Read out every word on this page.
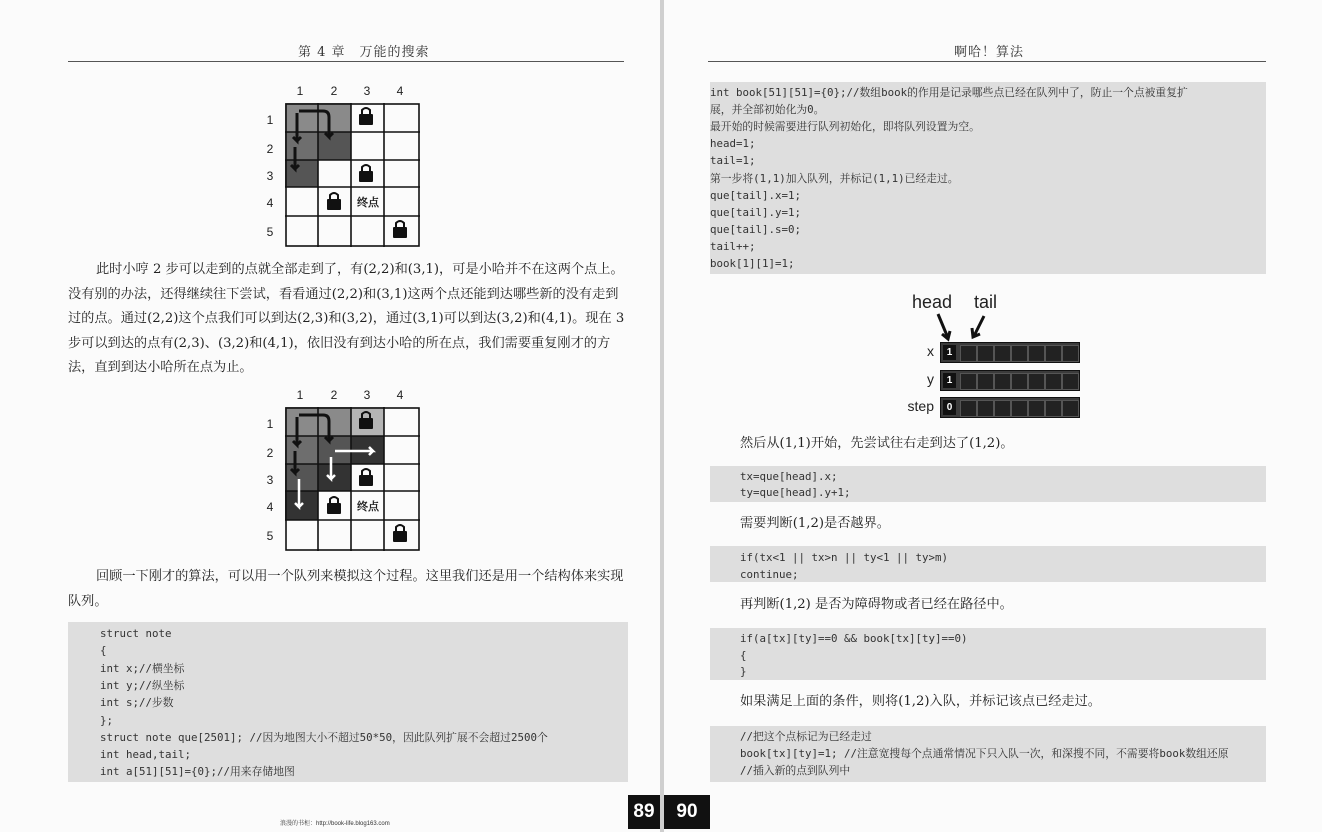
第 4 章　万能的搜索
1	2	3	4
1
2
3
4
5
终点
此时小哼 2 步可以走到的点就全部走到了，有(2,2)和(3,1)，可是小哈并不在这两个点上。没有别的办法，还得继续往下尝试，看看通过(2,2)和(3,1)这两个点还能到达哪些新的没有走到过的点。通过(2,2)这个点我们可以到达(2,3)和(3,2)，通过(3,1)可以到达(3,2)和(4,1)。现在 3 步可以到达的点有(2,3)、(3,2)和(4,1)，依旧没有到达小哈的所在点，我们需要重复刚才的方法，直到到达小哈所在点为止。
1	2	3	4
1
2
3
4
5
终点
回顾一下刚才的算法，可以用一个队列来模拟这个过程。这里我们还是用一个结构体来实现队列。
struct note
{
int x;//横坐标
int y;//纵坐标
int s;//步数
};
struct note que[2501]; //因为地图大小不超过50*50，因此队列扩展不会超过2500个
int head,tail;
int a[51][51]={0};//用来存储地图
浪漫的书柜：http://book-life.blog163.com
89
啊哈！算法
int book[51][51]={0};//数组book的作用是记录哪些点已经在队列中了，防止一个点被重复扩
展，并全部初始化为0。
最开始的时候需要进行队列初始化，即将队列设置为空。
head=1;
tail=1;
第一步将(1,1)加入队列，并标记(1,1)已经走过。
que[tail].x=1;
que[tail].y=1;
que[tail].s=0;
tail++;
book[1][1]=1;
head tail
x	1
y	1
step	0
然后从(1,1)开始，先尝试往右走到达了(1,2)。
tx=que[head].x;
ty=que[head].y+1;
需要判断(1,2)是否越界。
if(tx<1 || tx>n || ty<1 || ty>m)
continue;
再判断(1,2) 是否为障碍物或者已经在路径中。
if(a[tx][ty]==0 && book[tx][ty]==0)
{
}
如果满足上面的条件，则将(1,2)入队，并标记该点已经走过。
//把这个点标记为已经走过
book[tx][ty]=1; //注意宽搜每个点通常情况下只入队一次，和深搜不同，不需要将book数组还原
//插入新的点到队列中
90
